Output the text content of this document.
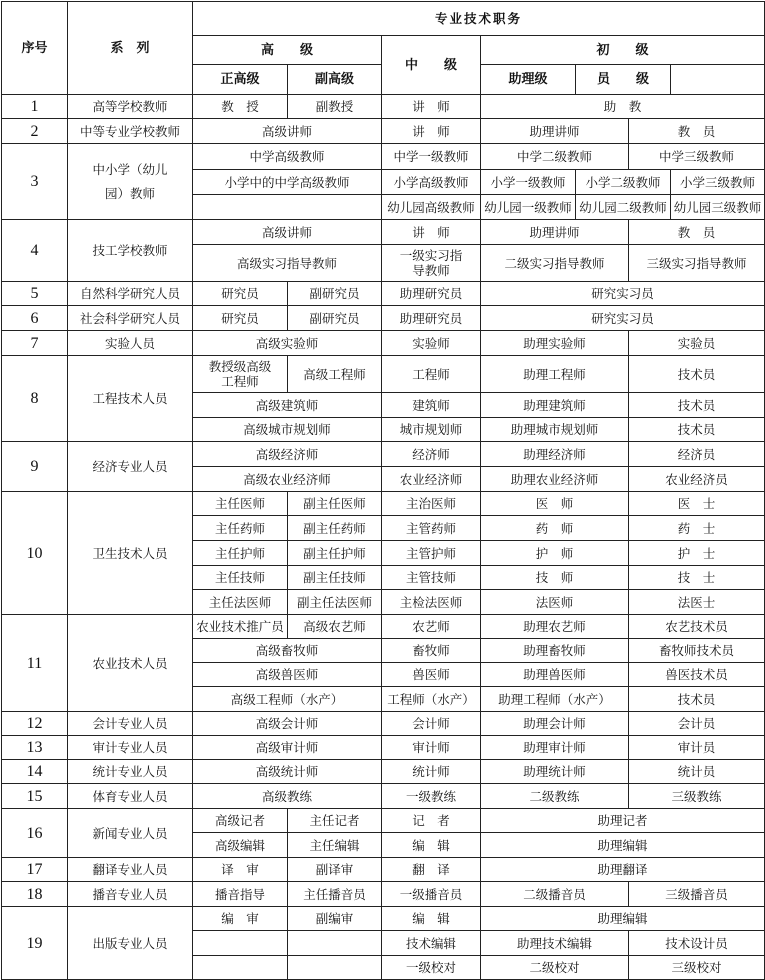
序号	系　列	专业技术职务						
		高　　级		中　　级	初　　级			
		正高级	副高级		助理级	员　　级		
1	高等学校教师	教　授	副教授	讲　师	助　教			
2	中等专业学校教师	高级讲师		讲　师	助理讲师		教　员	
3	中小学（幼儿园）教师	中学高级教师		中学一级教师	中学二级教师		中学三级教师	
		小学中的中学高级教师		小学高级教师	小学一级教师	小学二级教师		小学三级教师
				幼儿园高级教师	幼儿园一级教师	幼儿园二级教师		幼儿园三级教师
4	技工学校教师	高级讲师		讲　师	助理讲师		教　员	
		高级实习指导教师		一级实习指导教师	二级实习指导教师		三级实习指导教师	
5	自然科学研究人员	研究员	副研究员	助理研究员	研究实习员			
6	社会科学研究人员	研究员	副研究员	助理研究员	研究实习员			
7	实验人员	高级实验师		实验师	助理实验师		实验员	
8	工程技术人员	教授级高级工程师	高级工程师	工程师	助理工程师		技术员	
		高级建筑师		建筑师	助理建筑师		技术员	
		高级城市规划师		城市规划师	助理城市规划师		技术员	
9	经济专业人员	高级经济师		经济师	助理经济师		经济员	
		高级农业经济师		农业经济师	助理农业经济师		农业经济员	
10	卫生技术人员	主任医师	副主任医师	主治医师	医　师		医　士	
		主任药师	副主任药师	主管药师	药　师		药　士	
		主任护师	副主任护师	主管护师	护　师		护　士	
		主任技师	副主任技师	主管技师	技　师		技　士	
		主任法医师	副主任法医师	主检法医师	法医师		法医士	
11	农业技术人员	农业技术推广员	高级农艺师	农艺师	助理农艺师		农艺技术员	
		高级畜牧师		畜牧师	助理畜牧师		畜牧师技术员	
		高级兽医师		兽医师	助理兽医师		兽医技术员	
		高级工程师（水产）		工程师（水产）	助理工程师（水产）		技术员	
12	会计专业人员	高级会计师		会计师	助理会计师		会计员	
13	审计专业人员	高级审计师		审计师	助理审计师		审计员	
14	统计专业人员	高级统计师		统计师	助理统计师		统计员	
15	体育专业人员	高级教练		一级教练	二级教练		三级教练	
16	新闻专业人员	高级记者	主任记者	记　者	助理记者			
		高级编辑	主任编辑	编　辑	助理编辑			
17	翻译专业人员	译　审	副译审	翻　译	助理翻译			
18	播音专业人员	播音指导	主任播音员	一级播音员	二级播音员		三级播音员	
19	出版专业人员	编　审	副编审	编　辑	助理编辑			
				技术编辑	助理技术编辑		技术设计员	
				一级校对	二级校对		三级校对	
